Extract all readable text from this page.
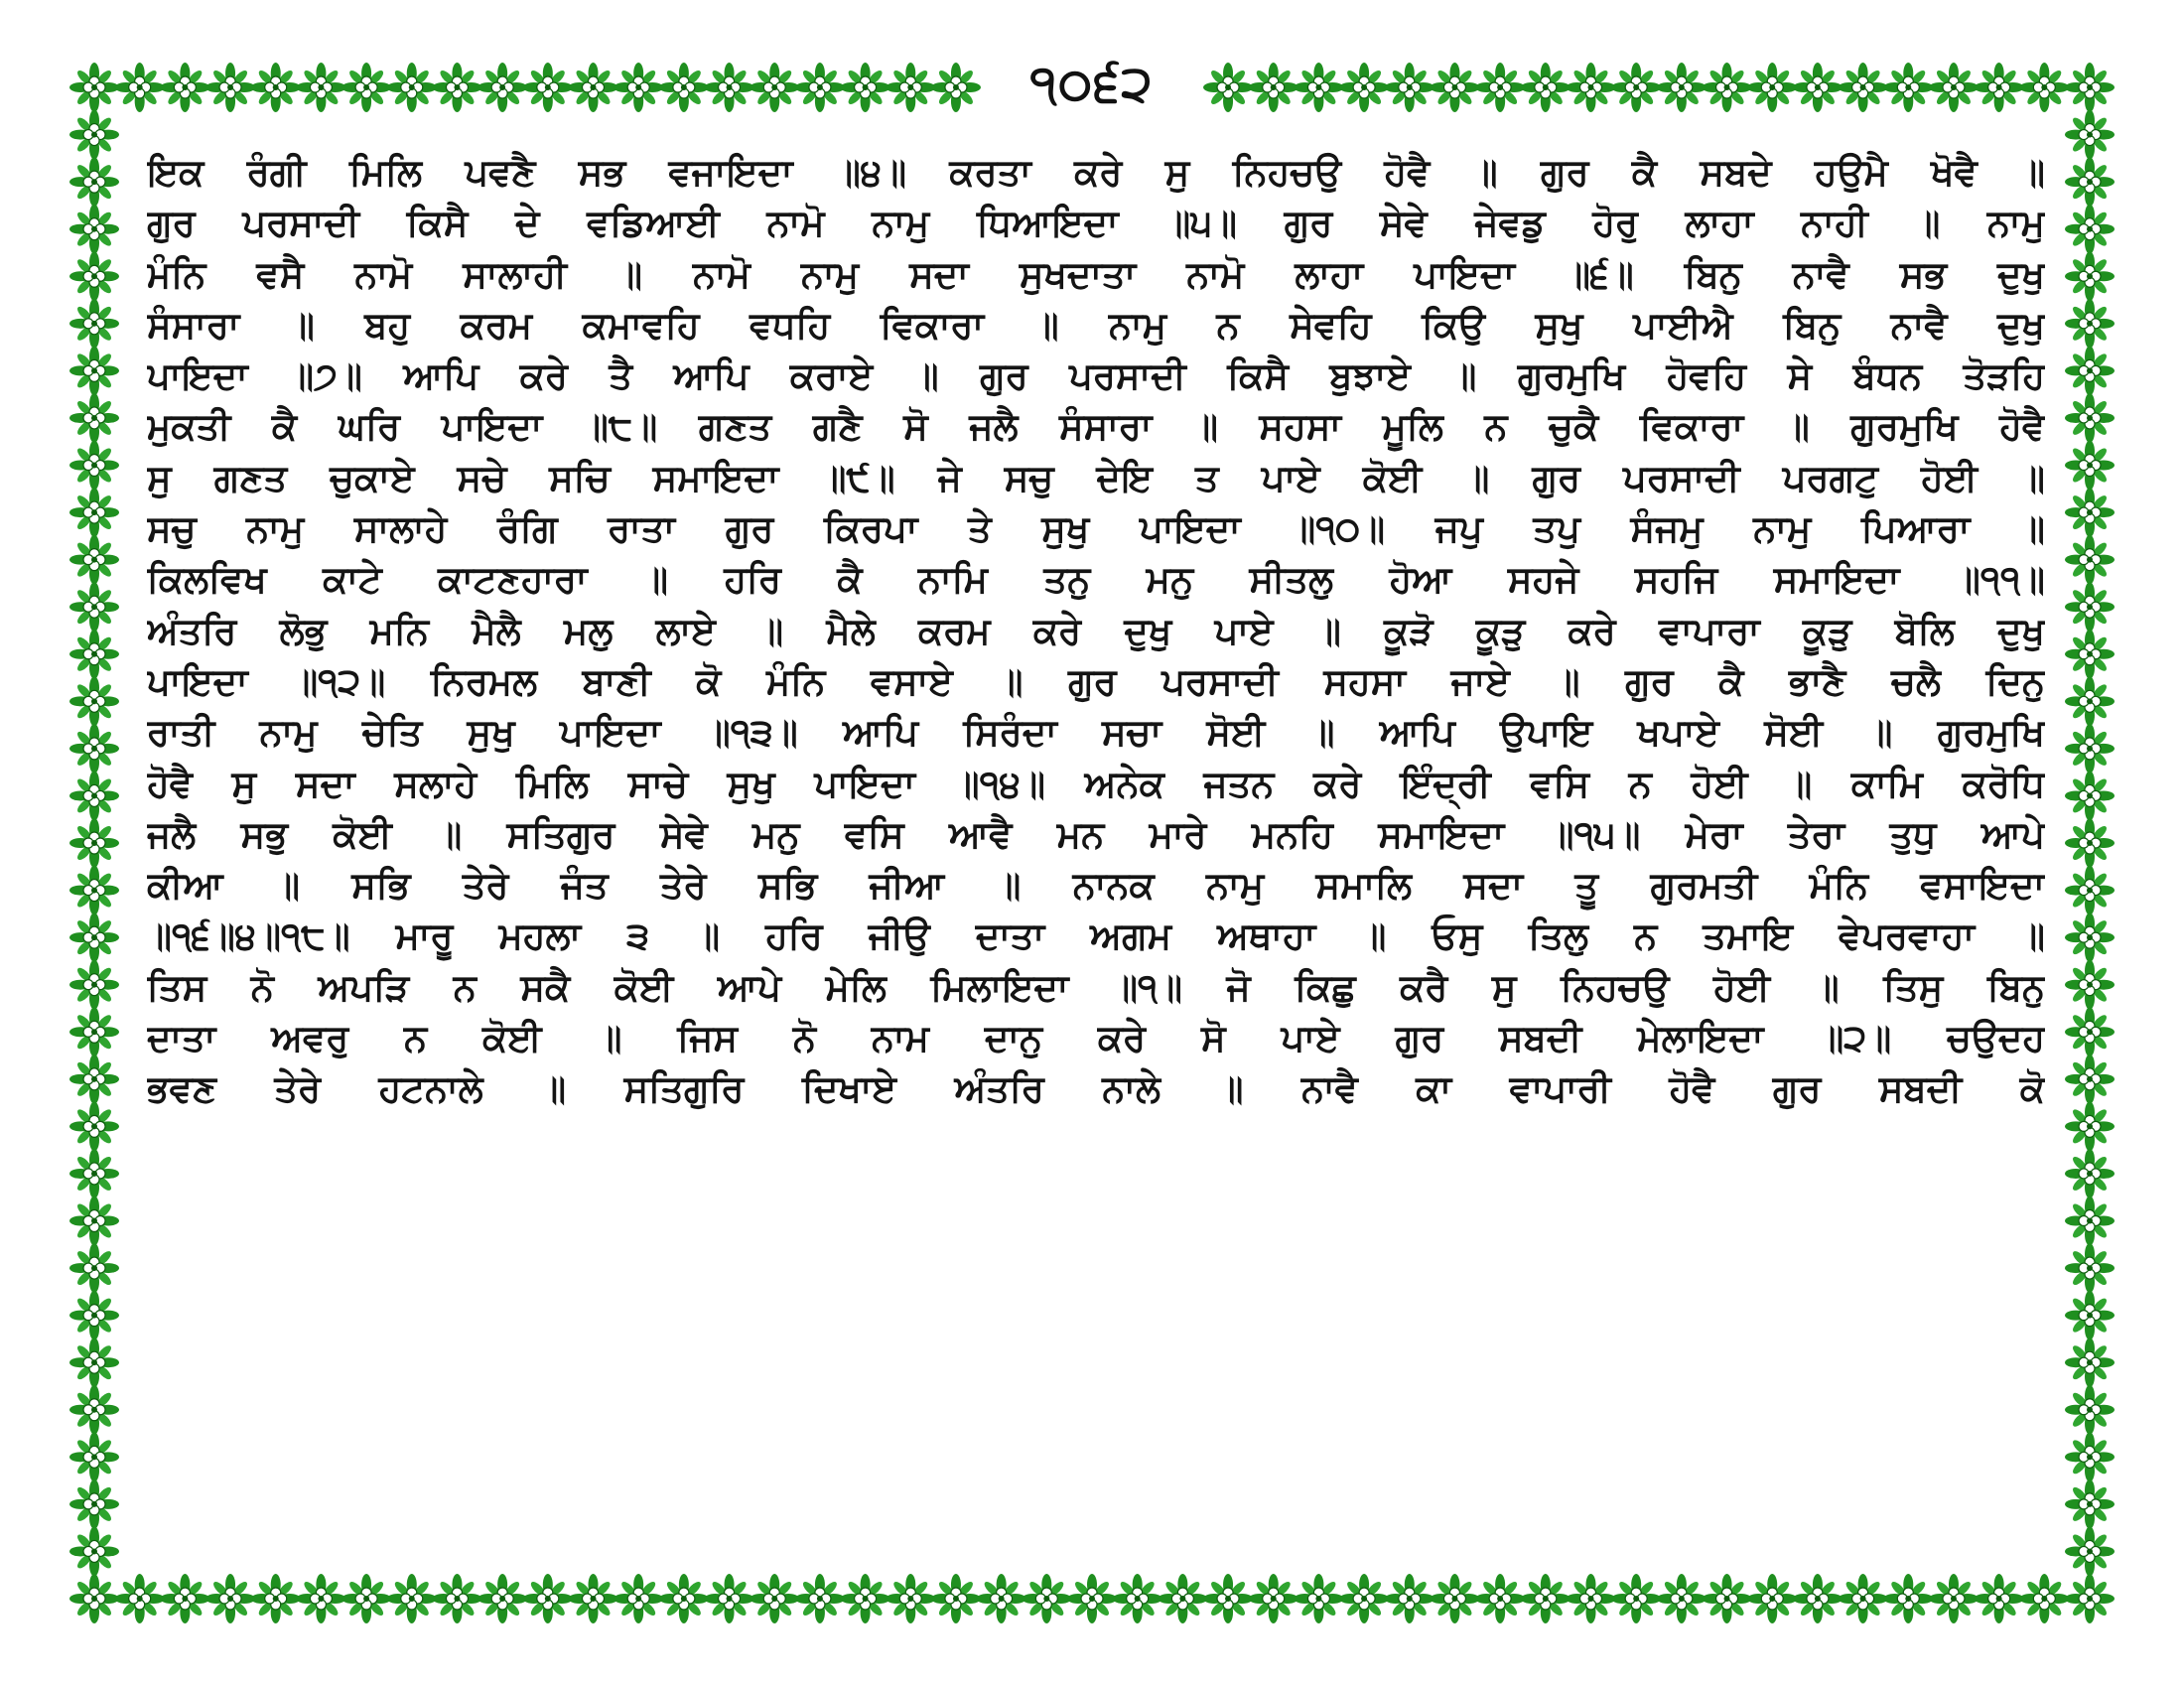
੧੦੬੨
ਇਕ ਰੰਗੀ ਮਿਲਿ ਪਵਣੈ ਸਭ ਵਜਾਇਦਾ ॥੪॥ ਕਰਤਾ ਕਰੇ ਸੁ ਨਿਹਚਉ ਹੋਵੈ ॥ ਗੁਰ ਕੈ ਸਬਦੇ ਹਉਮੈ ਖੋਵੈ ॥
ਗੁਰ ਪਰਸਾਦੀ ਕਿਸੈ ਦੇ ਵਡਿਆਈ ਨਾਮੋ ਨਾਮੁ ਧਿਆਇਦਾ ॥੫॥ ਗੁਰ ਸੇਵੇ ਜੇਵਡੁ ਹੋਰੁ ਲਾਹਾ ਨਾਹੀ ॥ ਨਾਮੁ
ਮੰਨਿ ਵਸੈ ਨਾਮੋ ਸਾਲਾਹੀ ॥ ਨਾਮੋ ਨਾਮੁ ਸਦਾ ਸੁਖਦਾਤਾ ਨਾਮੋ ਲਾਹਾ ਪਾਇਦਾ ॥੬॥ ਬਿਨੁ ਨਾਵੈ ਸਭ ਦੁਖੁ
ਸੰਸਾਰਾ ॥ ਬਹੁ ਕਰਮ ਕਮਾਵਹਿ ਵਧਹਿ ਵਿਕਾਰਾ ॥ ਨਾਮੁ ਨ ਸੇਵਹਿ ਕਿਉ ਸੁਖੁ ਪਾਈਐ ਬਿਨੁ ਨਾਵੈ ਦੁਖੁ
ਪਾਇਦਾ ॥੭॥ ਆਪਿ ਕਰੇ ਤੈ ਆਪਿ ਕਰਾਏ ॥ ਗੁਰ ਪਰਸਾਦੀ ਕਿਸੈ ਬੁਝਾਏ ॥ ਗੁਰਮੁਖਿ ਹੋਵਹਿ ਸੇ ਬੰਧਨ ਤੋੜਹਿ
ਮੁਕਤੀ ਕੈ ਘਰਿ ਪਾਇਦਾ ॥੮॥ ਗਣਤ ਗਣੈ ਸੋ ਜਲੈ ਸੰਸਾਰਾ ॥ ਸਹਸਾ ਮੂਲਿ ਨ ਚੁਕੈ ਵਿਕਾਰਾ ॥ ਗੁਰਮੁਖਿ ਹੋਵੈ
ਸੁ ਗਣਤ ਚੁਕਾਏ ਸਚੇ ਸਚਿ ਸਮਾਇਦਾ ॥੯॥ ਜੇ ਸਚੁ ਦੇਇ ਤ ਪਾਏ ਕੋਈ ॥ ਗੁਰ ਪਰਸਾਦੀ ਪਰਗਟੁ ਹੋਈ ॥
ਸਚੁ ਨਾਮੁ ਸਾਲਾਹੇ ਰੰਗਿ ਰਾਤਾ ਗੁਰ ਕਿਰਪਾ ਤੇ ਸੁਖੁ ਪਾਇਦਾ ॥੧੦॥ ਜਪੁ ਤਪੁ ਸੰਜਮੁ ਨਾਮੁ ਪਿਆਰਾ ॥
ਕਿਲਵਿਖ ਕਾਟੇ ਕਾਟਣਹਾਰਾ ॥ ਹਰਿ ਕੈ ਨਾਮਿ ਤਨੁ ਮਨੁ ਸੀਤਲੁ ਹੋਆ ਸਹਜੇ ਸਹਜਿ ਸਮਾਇਦਾ ॥੧੧॥
ਅੰਤਰਿ ਲੋਭੁ ਮਨਿ ਮੈਲੈ ਮਲੁ ਲਾਏ ॥ ਮੈਲੇ ਕਰਮ ਕਰੇ ਦੁਖੁ ਪਾਏ ॥ ਕੂੜੋ ਕੂੜੁ ਕਰੇ ਵਾਪਾਰਾ ਕੂੜੁ ਬੋਲਿ ਦੁਖੁ
ਪਾਇਦਾ ॥੧੨॥ ਨਿਰਮਲ ਬਾਣੀ ਕੋ ਮੰਨਿ ਵਸਾਏ ॥ ਗੁਰ ਪਰਸਾਦੀ ਸਹਸਾ ਜਾਏ ॥ ਗੁਰ ਕੈ ਭਾਣੈ ਚਲੈ ਦਿਨੁ
ਰਾਤੀ ਨਾਮੁ ਚੇਤਿ ਸੁਖੁ ਪਾਇਦਾ ॥੧੩॥ ਆਪਿ ਸਿਰੰਦਾ ਸਚਾ ਸੋਈ ॥ ਆਪਿ ਉਪਾਇ ਖਪਾਏ ਸੋਈ ॥ ਗੁਰਮੁਖਿ
ਹੋਵੈ ਸੁ ਸਦਾ ਸਲਾਹੇ ਮਿਲਿ ਸਾਚੇ ਸੁਖੁ ਪਾਇਦਾ ॥੧੪॥ ਅਨੇਕ ਜਤਨ ਕਰੇ ਇੰਦ੍ਰੀ ਵਸਿ ਨ ਹੋਈ ॥ ਕਾਮਿ ਕਰੋਧਿ
ਜਲੈ ਸਭੁ ਕੋਈ ॥ ਸਤਿਗੁਰ ਸੇਵੇ ਮਨੁ ਵਸਿ ਆਵੈ ਮਨ ਮਾਰੇ ਮਨਹਿ ਸਮਾਇਦਾ ॥੧੫॥ ਮੇਰਾ ਤੇਰਾ ਤੁਧੁ ਆਪੇ
ਕੀਆ ॥ ਸਭਿ ਤੇਰੇ ਜੰਤ ਤੇਰੇ ਸਭਿ ਜੀਆ ॥ ਨਾਨਕ ਨਾਮੁ ਸਮਾਲਿ ਸਦਾ ਤੂ ਗੁਰਮਤੀ ਮੰਨਿ ਵਸਾਇਦਾ
॥੧੬॥੪॥੧੮॥ ਮਾਰੂ ਮਹਲਾ ੩ ॥ ਹਰਿ ਜੀਉ ਦਾਤਾ ਅਗਮ ਅਥਾਹਾ ॥ ਓਸੁ ਤਿਲੁ ਨ ਤਮਾਇ ਵੇਪਰਵਾਹਾ ॥
ਤਿਸ ਨੋ ਅਪੜਿ ਨ ਸਕੈ ਕੋਈ ਆਪੇ ਮੇਲਿ ਮਿਲਾਇਦਾ ॥੧॥ ਜੋ ਕਿਛੁ ਕਰੈ ਸੁ ਨਿਹਚਉ ਹੋਈ ॥ ਤਿਸੁ ਬਿਨੁ
ਦਾਤਾ ਅਵਰੁ ਨ ਕੋਈ ॥ ਜਿਸ ਨੋ ਨਾਮ ਦਾਨੁ ਕਰੇ ਸੋ ਪਾਏ ਗੁਰ ਸਬਦੀ ਮੇਲਾਇਦਾ ॥੨॥ ਚਉਦਹ
ਭਵਣ ਤੇਰੇ ਹਟਨਾਲੇ ॥ ਸਤਿਗੁਰਿ ਦਿਖਾਏ ਅੰਤਰਿ ਨਾਲੇ ॥ ਨਾਵੈ ਕਾ ਵਾਪਾਰੀ ਹੋਵੈ ਗੁਰ ਸਬਦੀ ਕੋ
